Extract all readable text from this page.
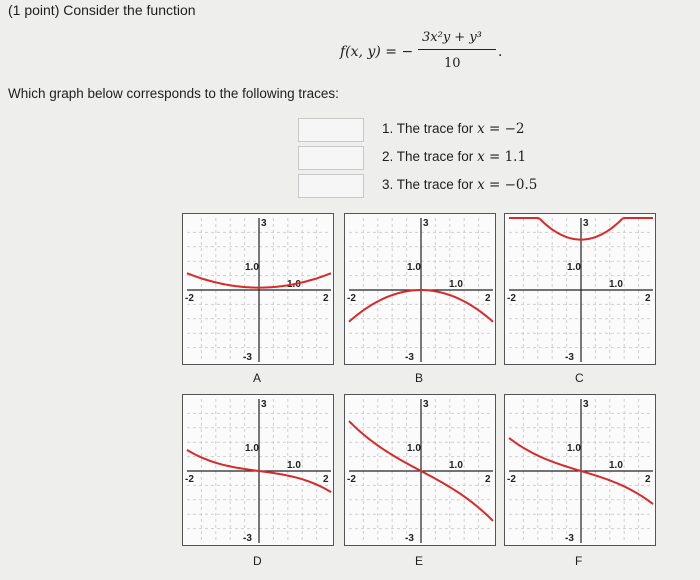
(1 point) Consider the function
f(x, y) = −
3x²y + y³
10
.
Which graph below corresponds to the following traces:
1. The trace for x = −2
2. The trace for x = 1.1
3. The trace for x = −0.5
-2	2
3
-3
1.0
1.0
A
-2	2
3
-3
1.0
1.0
B
-2	2
3
-3
1.0
1.0
C
-2	2
3
-3
1.0
1.0
D
-2	2
3
-3
1.0
1.0
E
-2	2
3
-3
1.0
1.0
F
